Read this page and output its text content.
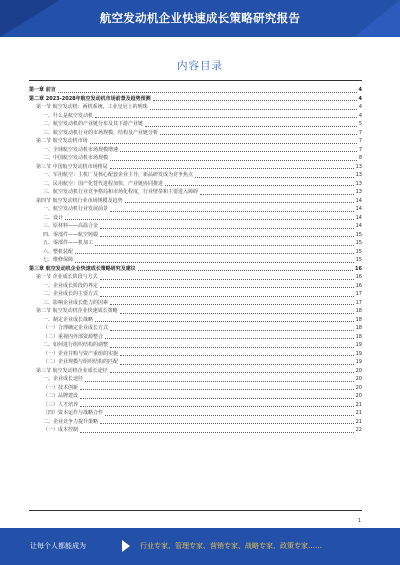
航空发动机企业快速成长策略研究报告
内容目录
第一章 前言	4
第二章 2023-2028年航空发动机市场前景及趋势预测	4
第一节 航空发动机：两机系统，工业皇冠上的明珠	4
一、什么是航空发动机	4
二、航空发动机的产业链分布及其下游产业链	5
三、航空发动机行业的市场规模、结构及产业链分析	7
第二节 航空发动机市场	7
一、全球航空发动机市场规模增速	7
二、中国航空发动机市场规模	8
第三节 中国航空发动机市场格局	13
一、军用航空：主机厂及核心配套企业主导，新品研发成为竞争焦点	13
二、民用航空：国产化替代进程加快，产业链协同推进	13
三、航空发动机行业竞争格局和市场化程度，行业壁垒和主要进入障碍	13
第四节 航空发动机行业市场规模及趋势	14
一、航空发动机行业发展前景	14
二、设计	14
三、原材料——高温合金	14
四、零部件——航空铸锻	15
五、零部件——机加工	15
六、整机装配	15
七、维修保障	15
第三章 航空发动机企业快速成长策略研究及建议	16
第一节 企业成长阶段与方式	16
一、企业成长阶段的界定	16
二、企业成长的主要方式	17
三、影响企业成长能力的因素	17
第二节 航空发动机企业快速成长策略	18
一、制定企业成长战略	18
（一）合理确定企业成长方式	18
（二）重视内外部资源整合	18
二、如何进行组织结构的调整	19
（一）企业并购与资产重组的实施	19
（二）企业规模与组织结构的匹配	19
第三节 航空发动机企业成长途径	20
一、企业成长途径	20
（一）技术创新	20
（二）品牌建设	20
（三）人才培养	21
（四）资本运作与战略合作	21
二、企业竞争力提升策略	21
（一）成本控制	22
1
让每个人都能成为	行业专家、管理专家、营销专家、战略专家、政策专家……
